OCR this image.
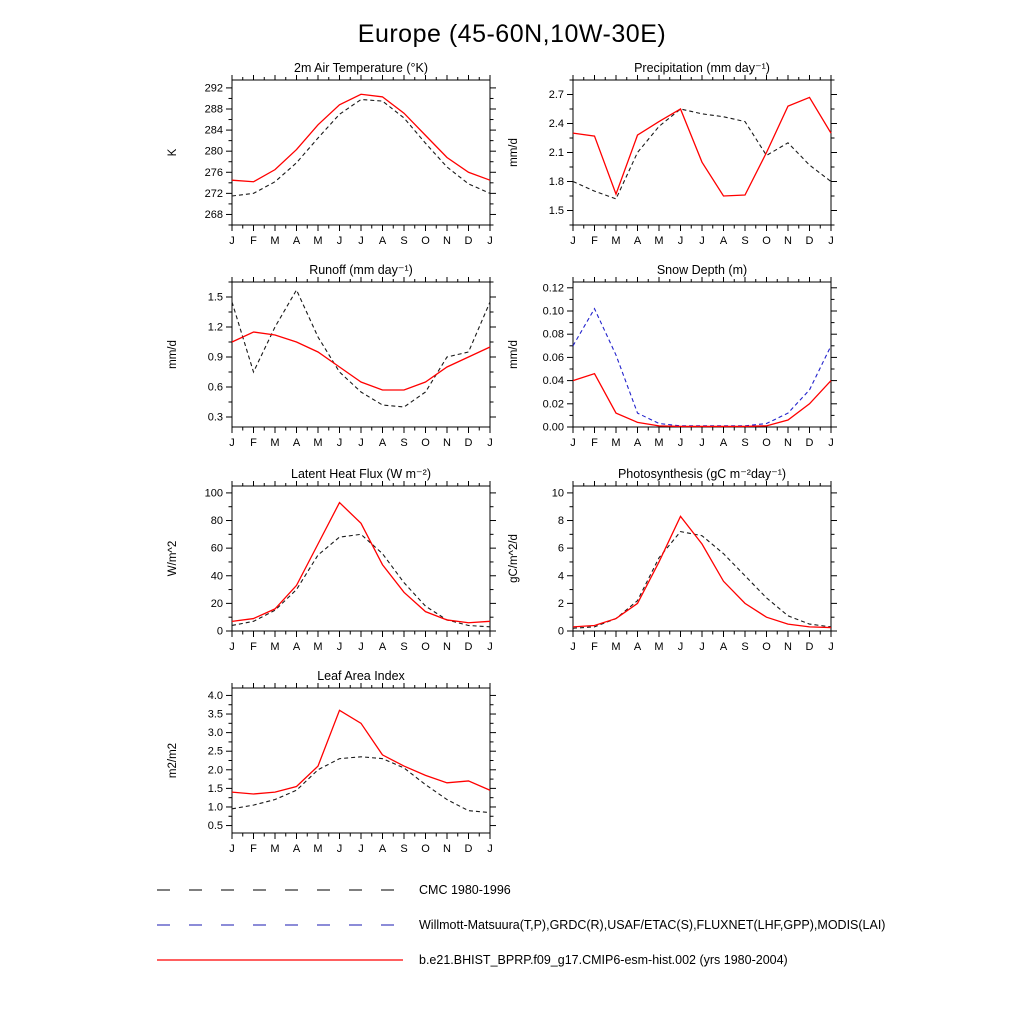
Europe (45-60N,10W-30E)
2m Air Temperature (°K)
K
268
272
276
280
284
288
292
J F M A M J J A S O N D J
Precipitation (mm day⁻¹)
mm/d
1.5
1.8
2.1
2.4
2.7
J F M A M J J A S O N D J
Runoff (mm day⁻¹)
mm/d
0.3
0.6
0.9
1.2
1.5
J F M A M J J A S O N D J
Snow Depth (m)
mm/d
0.00
0.02
0.04
0.06
0.08
0.10
0.12
J F M A M J J A S O N D J
Latent Heat Flux (W m⁻²)
W/m^2
0
20
40
60
80
100
J F M A M J J A S O N D J
Photosynthesis (gC m⁻²day⁻¹)
gC/m^2/d
0
2
4
6
8
10
J F M A M J J A S O N D J
Leaf Area Index
m2/m2
0.5
1.0
1.5
2.0
2.5
3.0
3.5
4.0
J F M A M J J A S O N D J
CMC 1980-1996
Willmott-Matsuura(T,P),GRDC(R),USAF/ETAC(S),FLUXNET(LHF,GPP),MODIS(LAI)
b.e21.BHIST_BPRP.f09_g17.CMIP6-esm-hist.002 (yrs 1980-2004)
